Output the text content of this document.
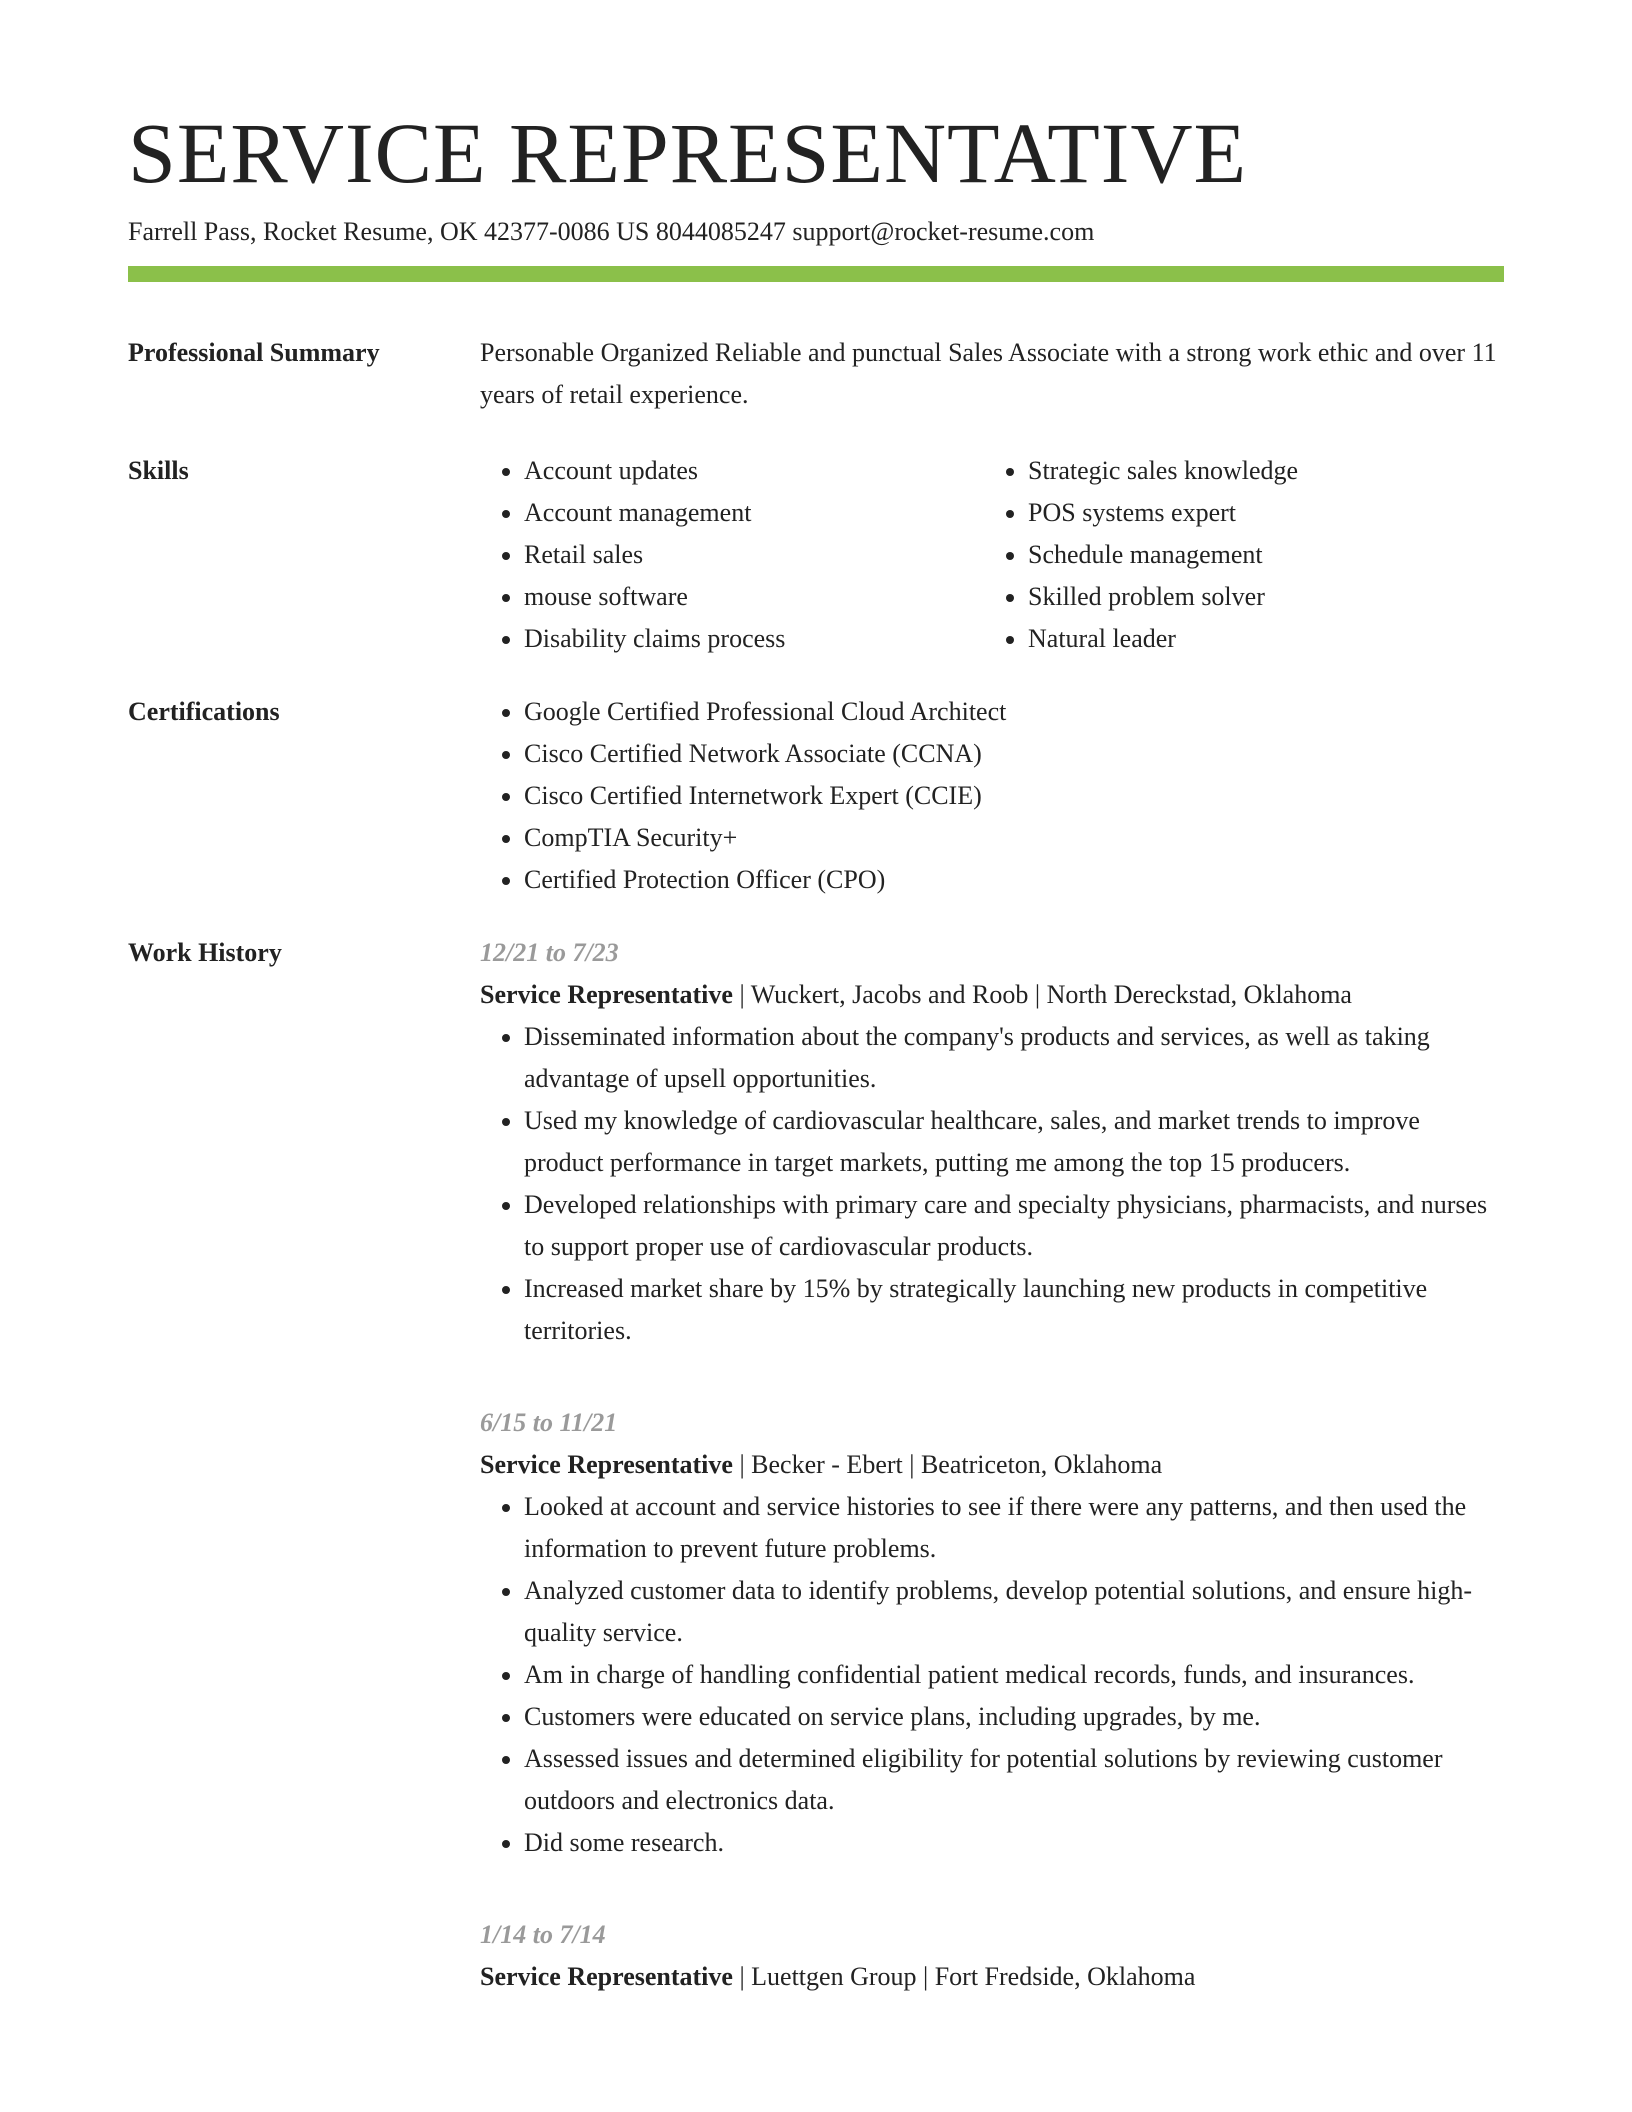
SERVICE REPRESENTATIVE
Farrell Pass, Rocket Resume, OK 42377-0086 US 8044085247 support@rocket-resume.com
Professional Summary	Personable Organized Reliable and punctual Sales Associate with a strong work ethic and over 11 years of retail experience.
Skills	• Account updates
• Account management
• Retail sales
• mouse software
• Disability claims process
• Strategic sales knowledge
• POS systems expert
• Schedule management
• Skilled problem solver
• Natural leader
Certifications	• Google Certified Professional Cloud Architect
• Cisco Certified Network Associate (CCNA)
• Cisco Certified Internetwork Expert (CCIE)
• CompTIA Security+
• Certified Protection Officer (CPO)
Work History	12/21 to 7/23
Service Representative | Wuckert, Jacobs and Roob | North Dereckstad, Oklahoma
• Disseminated information about the company's products and services, as well as taking advantage of upsell opportunities.
• Used my knowledge of cardiovascular healthcare, sales, and market trends to improve product performance in target markets, putting me among the top 15 producers.
• Developed relationships with primary care and specialty physicians, pharmacists, and nurses to support proper use of cardiovascular products.
• Increased market share by 15% by strategically launching new products in competitive territories.
6/15 to 11/21
Service Representative | Becker - Ebert | Beatriceton, Oklahoma
• Looked at account and service histories to see if there were any patterns, and then used the information to prevent future problems.
• Analyzed customer data to identify problems, develop potential solutions, and ensure high-quality service.
• Am in charge of handling confidential patient medical records, funds, and insurances.
• Customers were educated on service plans, including upgrades, by me.
• Assessed issues and determined eligibility for potential solutions by reviewing customer outdoors and electronics data.
• Did some research.
1/14 to 7/14
Service Representative | Luettgen Group | Fort Fredside, Oklahoma
